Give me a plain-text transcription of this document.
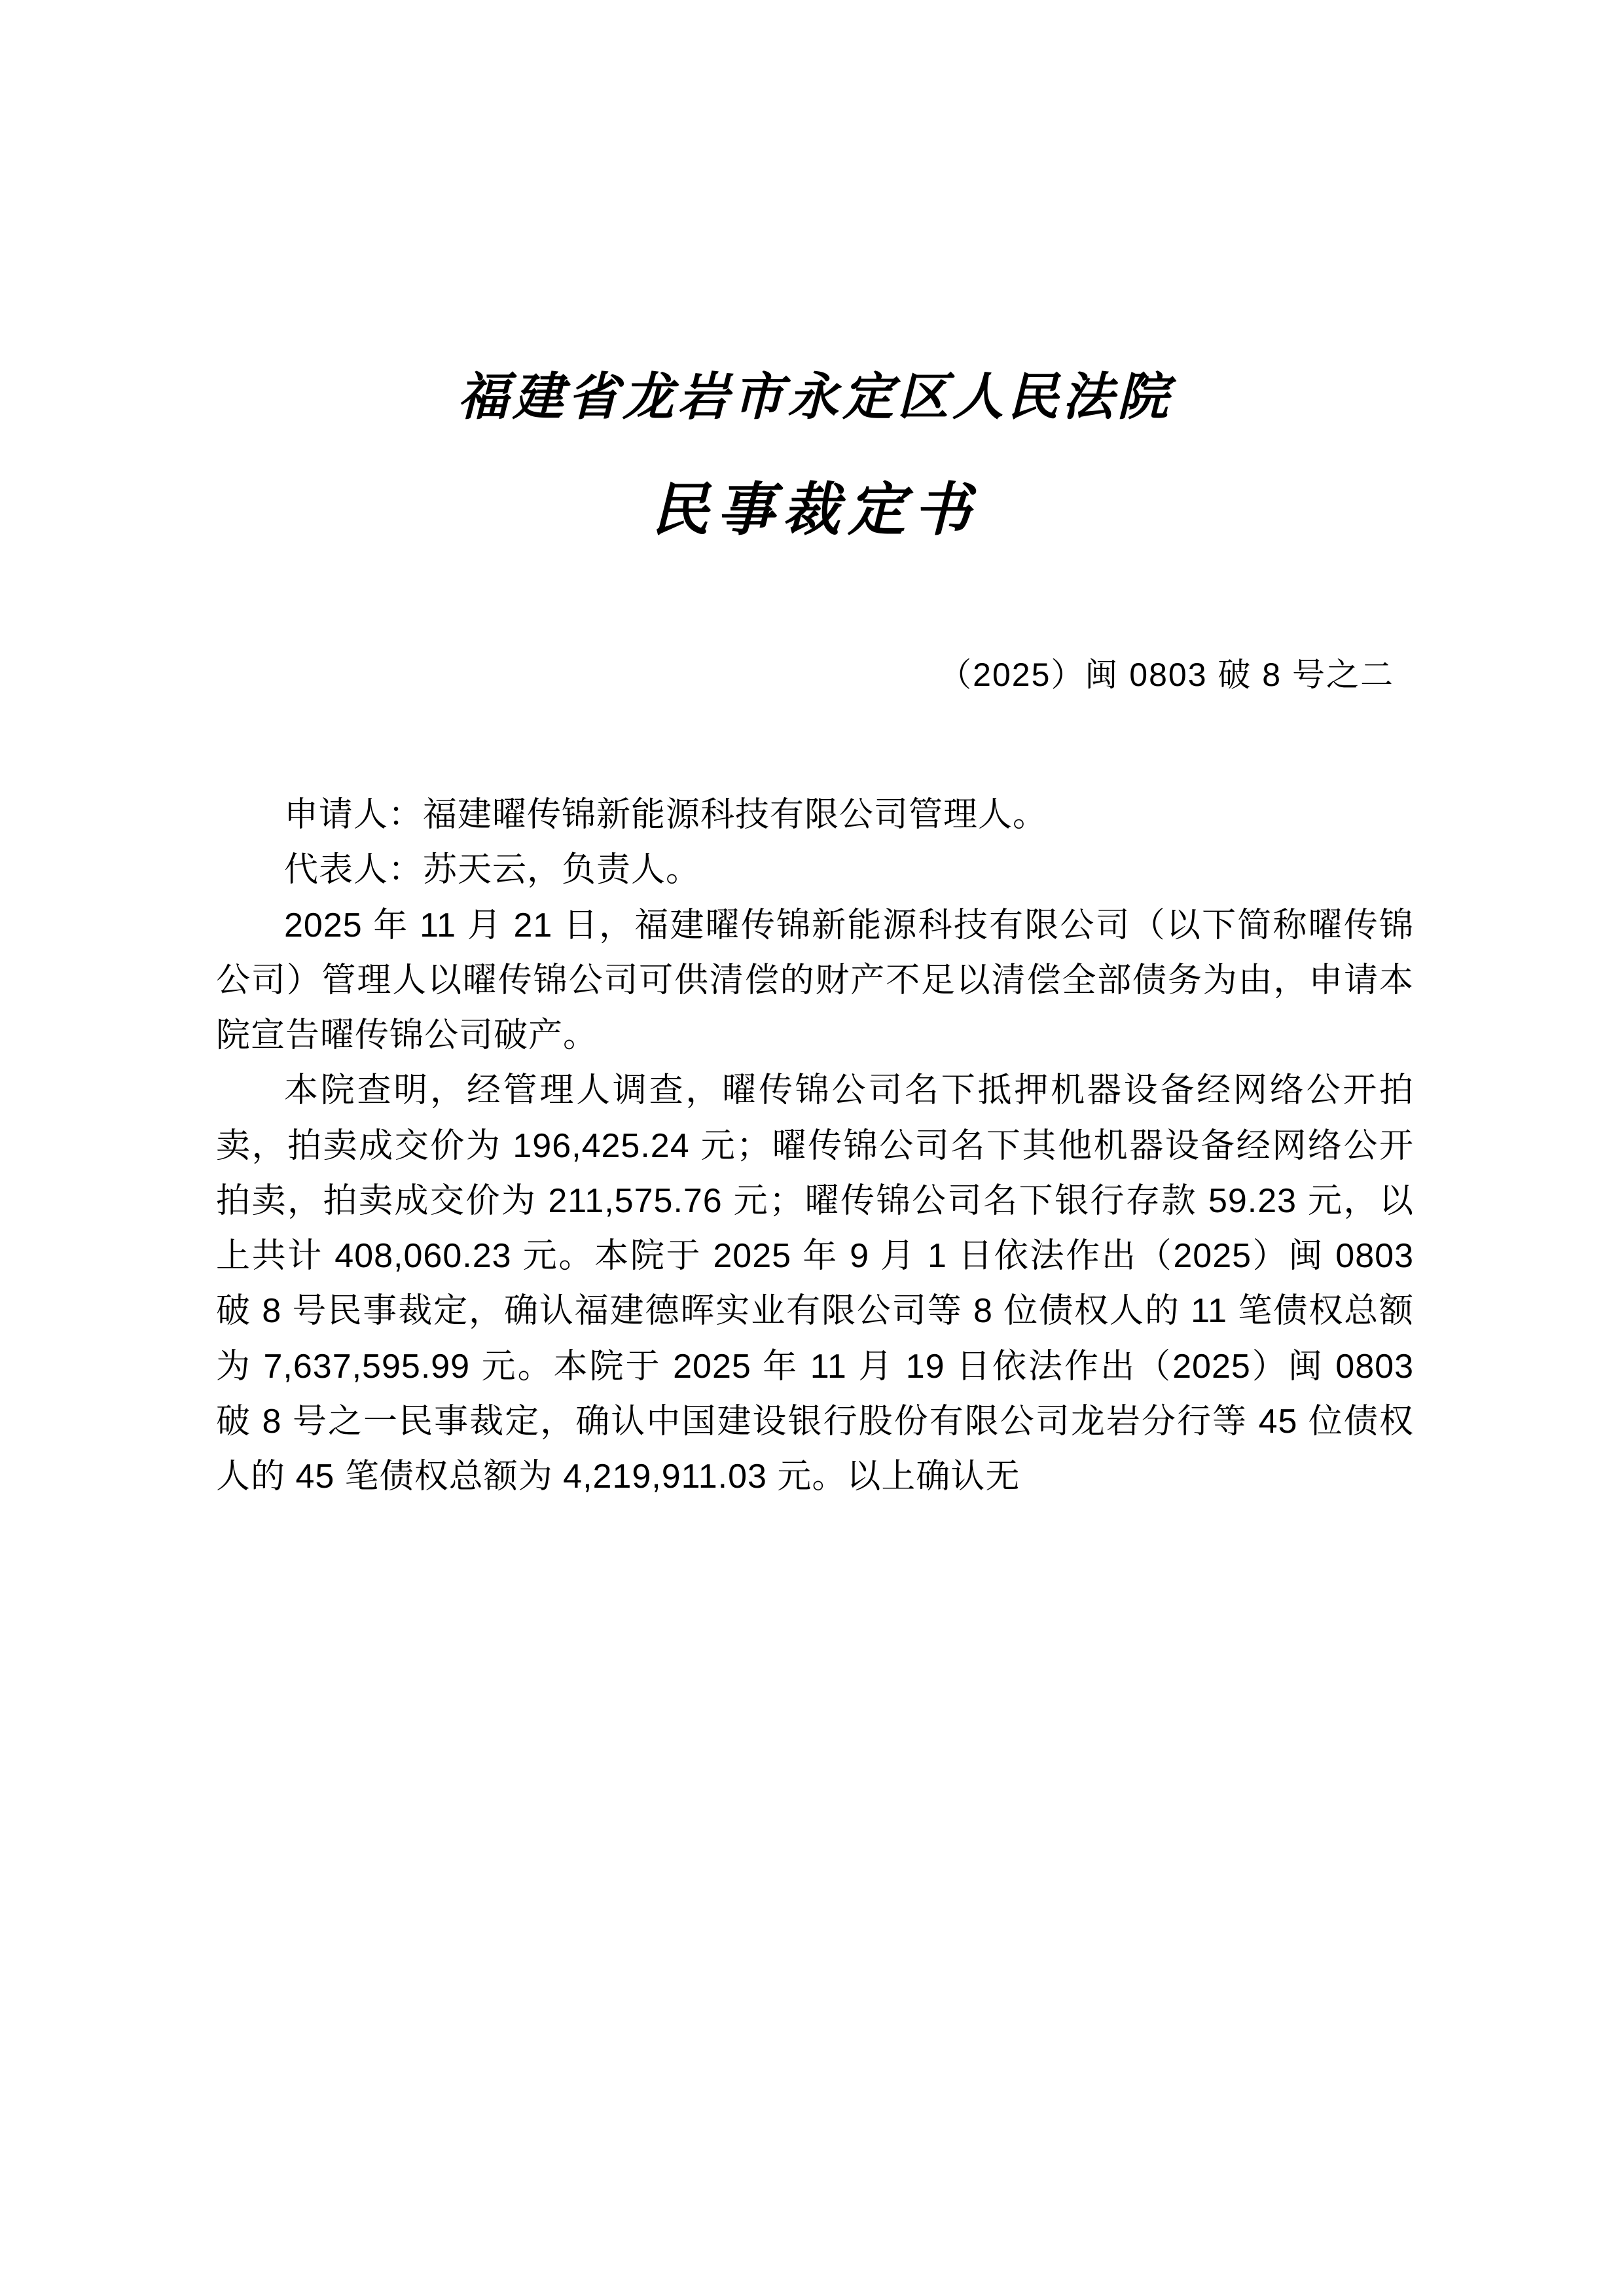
福建省龙岩市永定区人民法院
民事裁定书
（2025）闽 0803 破 8 号之二

申请人：福建曜传锦新能源科技有限公司管理人。

代表人：苏天云，负责人。

2025 年 11 月 21 日，福建曜传锦新能源科技有限公司（以下简称曜传锦公司）管理人以曜传锦公司可供清偿的财产不足以清偿全部债务为由，申请本院宣告曜传锦公司破产。

本院查明，经管理人调查，曜传锦公司名下抵押机器设备经网络公开拍卖，拍卖成交价为 196,425.24 元；曜传锦公司名下其他机器设备经网络公开拍卖，拍卖成交价为 211,575.76 元；曜传锦公司名下银行存款 59.23 元，以上共计 408,060.23 元。本院于 2025 年 9 月 1 日依法作出（2025）闽 0803 破 8 号民事裁定，确认福建德晖实业有限公司等 8 位债权人的 11 笔债权总额为 7,637,595.99 元。本院于 2025 年 11 月 19 日依法作出（2025）闽 0803 破 8 号之一民事裁定，确认中国建设银行股份有限公司龙岩分行等 45 位债权人的 45 笔债权总额为 4,219,911.03 元。以上确认无
